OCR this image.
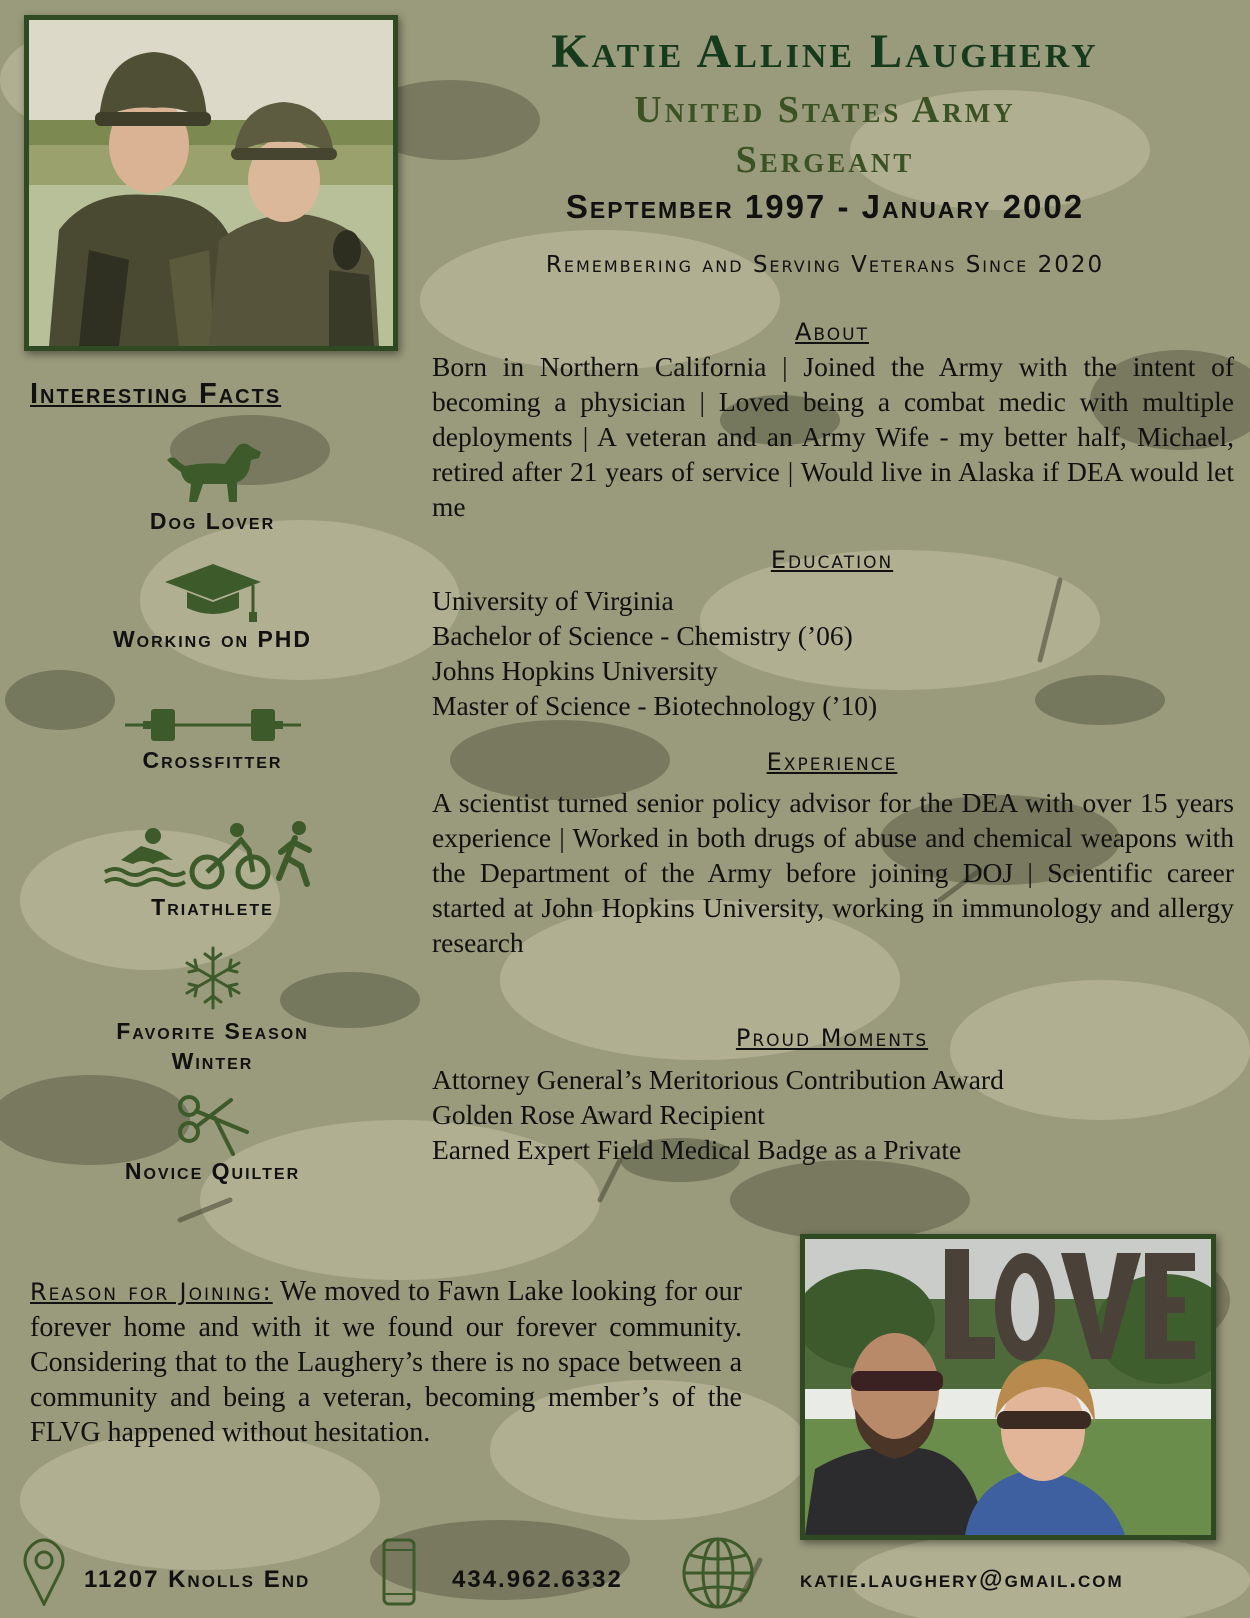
Katie Alline Laughery
United States Army
Sergeant
September 1997 - January 2002
Remembering and Serving Veterans Since 2020
About
Born in Northern California | Joined the Army with the intent of becoming a physician | Loved being a combat medic with multiple deployments | A veteran and an Army Wife - my better half, Michael, retired after 21 years of service | Would live in Alaska if DEA would let me
Education
University of Virginia
Bachelor of Science - Chemistry (’06)
Johns Hopkins University
Master of Science - Biotechnology (’10)
Experience
A scientist turned senior policy advisor for the DEA with over 15 years experience | Worked in both drugs of abuse and chemical weapons with the Department of the Army before joining DOJ | Scientific career started at John Hopkins University, working in immunology and allergy research
Proud Moments
Attorney General’s Meritorious Contribution Award
Golden Rose Award Recipient
Earned Expert Field Medical Badge as a Private
Interesting Facts
Dog Lover
Working on PHD
Crossfitter
Triathlete
Favorite Season
Winter
Novice Quilter
Reason for Joining: We moved to Fawn Lake looking for our forever home and with it we found our forever community. Considering that to the Laughery’s there is no space between a community and being a veteran, becoming member’s of the FLVG happened without hesitation.
11207 Knolls End	434.962.6332	katie.laughery@gmail.com
